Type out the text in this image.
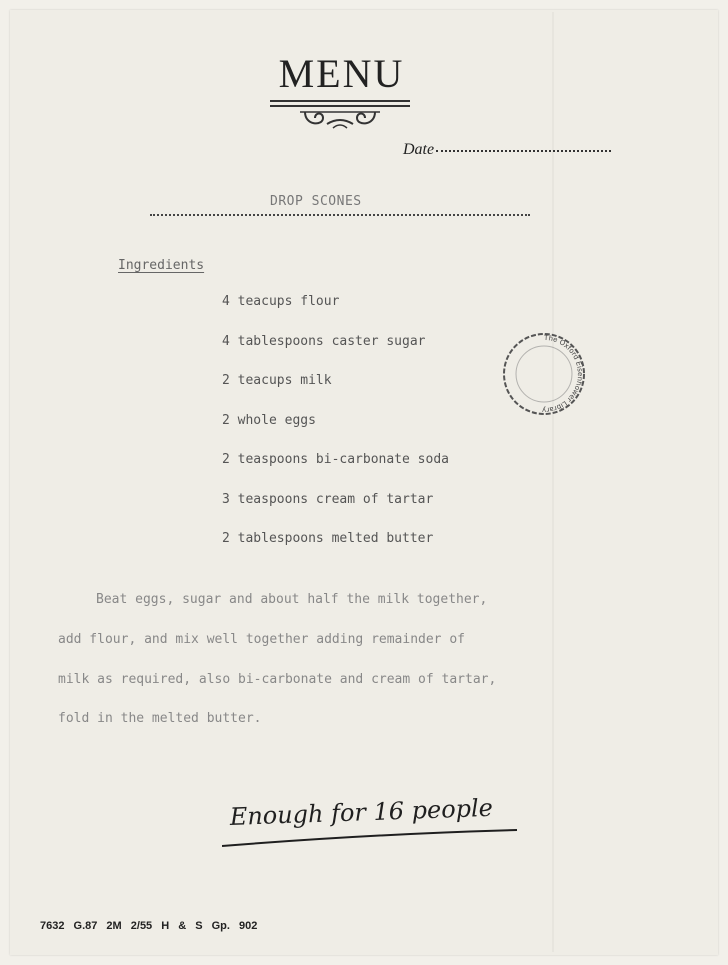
MENU
Date
DROP SCONES
Ingredients
4 teacups flour
4 tablespoons caster sugar
2 teacups milk
2 whole eggs
2 teaspoons bi-carbonate soda
3 teaspoons cream of tartar
2 tablespoons melted butter
Beat eggs, sugar and about half the milk together,
add flour, and mix well together adding remainder of
milk as required, also bi-carbonate and cream of tartar,
fold in the melted butter.
The Oxford Eisenhower Library
Enough for 16 people
7632 G.87 2M 2/55 H & S Gp. 902
